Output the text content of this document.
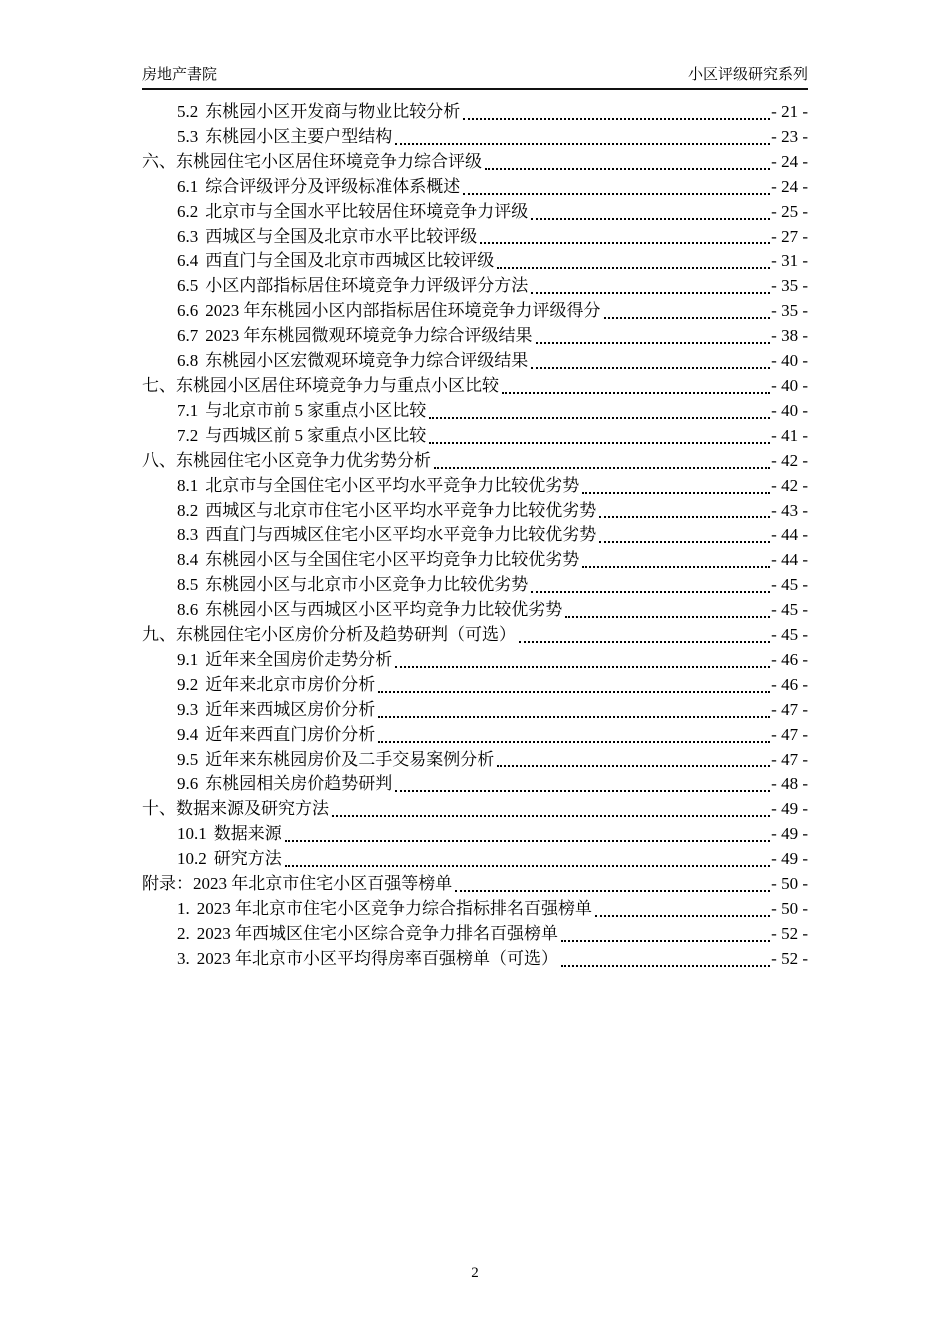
房地产書院	小区评级研究系列
5.2 东桃园小区开发商与物业比较分析	- 21 -
5.3 东桃园小区主要户型结构	- 23 -
六、 东桃园住宅小区居住环境竞争力综合评级	- 24 -
6.1 综合评级评分及评级标准体系概述	- 24 -
6.2 北京市与全国水平比较居住环境竞争力评级	- 25 -
6.3 西城区与全国及北京市水平比较评级	- 27 -
6.4 西直门与全国及北京市西城区比较评级	- 31 -
6.5 小区内部指标居住环境竞争力评级评分方法	- 35 -
6.6 2023 年东桃园小区内部指标居住环境竞争力评级得分	- 35 -
6.7 2023 年东桃园微观环境竞争力综合评级结果	- 38 -
6.8 东桃园小区宏微观环境竞争力综合评级结果	- 40 -
七、 东桃园小区居住环境竞争力与重点小区比较	- 40 -
7.1 与北京市前 5 家重点小区比较	- 40 -
7.2 与西城区前 5 家重点小区比较	- 41 -
八、 东桃园住宅小区竞争力优劣势分析	- 42 -
8.1 北京市与全国住宅小区平均水平竞争力比较优劣势	- 42 -
8.2 西城区与北京市住宅小区平均水平竞争力比较优劣势	- 43 -
8.3 西直门与西城区住宅小区平均水平竞争力比较优劣势	- 44 -
8.4 东桃园小区与全国住宅小区平均竞争力比较优劣势	- 44 -
8.5 东桃园小区与北京市小区竞争力比较优劣势	- 45 -
8.6 东桃园小区与西城区小区平均竞争力比较优劣势	- 45 -
九、 东桃园住宅小区房价分析及趋势研判（可选）	- 45 -
9.1 近年来全国房价走势分析	- 46 -
9.2 近年来北京市房价分析	- 46 -
9.3 近年来西城区房价分析	- 47 -
9.4 近年来西直门房价分析	- 47 -
9.5 近年来东桃园房价及二手交易案例分析	- 47 -
9.6 东桃园相关房价趋势研判	- 48 -
十、 数据来源及研究方法	- 49 -
10.1 数据来源	- 49 -
10.2 研究方法	- 49 -
附录： 2023 年北京市住宅小区百强等榜单	- 50 -
1. 2023 年北京市住宅小区竞争力综合指标排名百强榜单	- 50 -
2. 2023 年西城区住宅小区综合竞争力排名百强榜单	- 52 -
3. 2023 年北京市小区平均得房率百强榜单（可选）	- 52 -
2
